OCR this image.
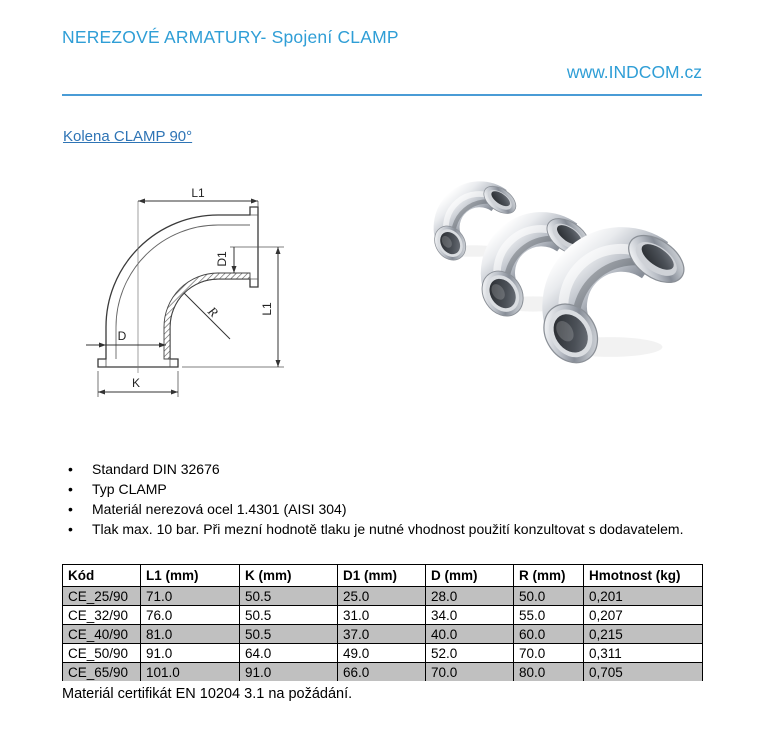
NEREZOVÉ ARMATURY- Spojení CLAMP
www.INDCOM.cz
Kolena CLAMP 90°
L1
L1
D1
R
D
K
• Standard DIN 32676
• Typ CLAMP
• Materiál nerezová ocel 1.4301 (AISI 304)
• Tlak max. 10 bar. Při mezní hodnotě tlaku je nutné vhodnost použití konzultovat s dodavatelem.
Kód	L1 (mm)	K (mm)	D1 (mm)	D (mm)	R (mm)	Hmotnost (kg)
CE_25/90	71.0	50.5	25.0	28.0	50.0	0,201
CE_32/90	76.0	50.5	31.0	34.0	55.0	0,207
CE_40/90	81.0	50.5	37.0	40.0	60.0	0,215
CE_50/90	91.0	64.0	49.0	52.0	70.0	0,311
CE_65/90	101.0	91.0	66.0	70.0	80.0	0,705
Materiál certifikát EN 10204 3.1 na požádání.
